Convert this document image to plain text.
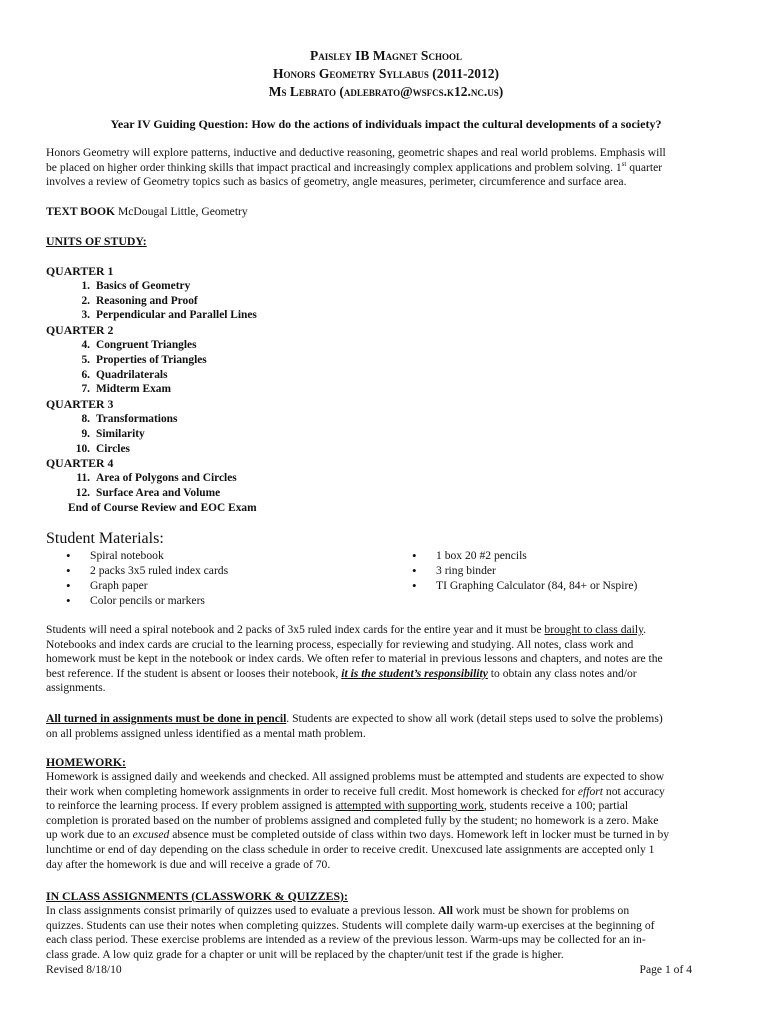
Paisley IB Magnet School
Honors Geometry Syllabus (2011-2012)
Ms Lebrato (adlebrato@wsfcs.k12.nc.us)
Year IV Guiding Question: How do the actions of individuals impact the cultural developments of a society?
Honors Geometry will explore patterns, inductive and deductive reasoning, geometric shapes and real world problems. Emphasis will
be placed on higher order thinking skills that impact practical and increasingly complex applications and problem solving. 1st quarter
involves a review of Geometry topics such as basics of geometry, angle measures, perimeter, circumference and surface area.
TEXT BOOK McDougal Little, Geometry
UNITS OF STUDY:
QUARTER 1
1. Basics of Geometry
2. Reasoning and Proof
3. Perpendicular and Parallel Lines
QUARTER 2
4. Congruent Triangles
5. Properties of Triangles
6. Quadrilaterals
7. Midterm Exam
QUARTER 3
8. Transformations
9. Similarity
10. Circles
QUARTER 4
11. Area of Polygons and Circles
12. Surface Area and Volume
End of Course Review and EOC Exam
Student Materials:
• Spiral notebook
• 2 packs 3x5 ruled index cards
• Graph paper
• Color pencils or markers
• 1 box 20 #2 pencils
• 3 ring binder
• TI Graphing Calculator (84, 84+ or Nspire)
Students will need a spiral notebook and 2 packs of 3x5 ruled index cards for the entire year and it must be brought to class daily.
Notebooks and index cards are crucial to the learning process, especially for reviewing and studying. All notes, class work and
homework must be kept in the notebook or index cards. We often refer to material in previous lessons and chapters, and notes are the
best reference. If the student is absent or looses their notebook, it is the student’s responsibility to obtain any class notes and/or
assignments.
All turned in assignments must be done in pencil. Students are expected to show all work (detail steps used to solve the problems)
on all problems assigned unless identified as a mental math problem.
HOMEWORK:
Homework is assigned daily and weekends and checked. All assigned problems must be attempted and students are expected to show
their work when completing homework assignments in order to receive full credit. Most homework is checked for effort not accuracy
to reinforce the learning process. If every problem assigned is attempted with supporting work, students receive a 100; partial
completion is prorated based on the number of problems assigned and completed fully by the student; no homework is a zero. Make
up work due to an excused absence must be completed outside of class within two days. Homework left in locker must be turned in by
lunchtime or end of day depending on the class schedule in order to receive credit. Unexcused late assignments are accepted only 1
day after the homework is due and will receive a grade of 70.
IN CLASS ASSIGNMENTS (CLASSWORK & QUIZZES):
In class assignments consist primarily of quizzes used to evaluate a previous lesson. All work must be shown for problems on
quizzes. Students can use their notes when completing quizzes. Students will complete daily warm-up exercises at the beginning of
each class period. These exercise problems are intended as a review of the previous lesson. Warm-ups may be collected for an in-
class grade. A low quiz grade for a chapter or unit will be replaced by the chapter/unit test if the grade is higher.
Revised 8/18/10	Page 1 of 4
